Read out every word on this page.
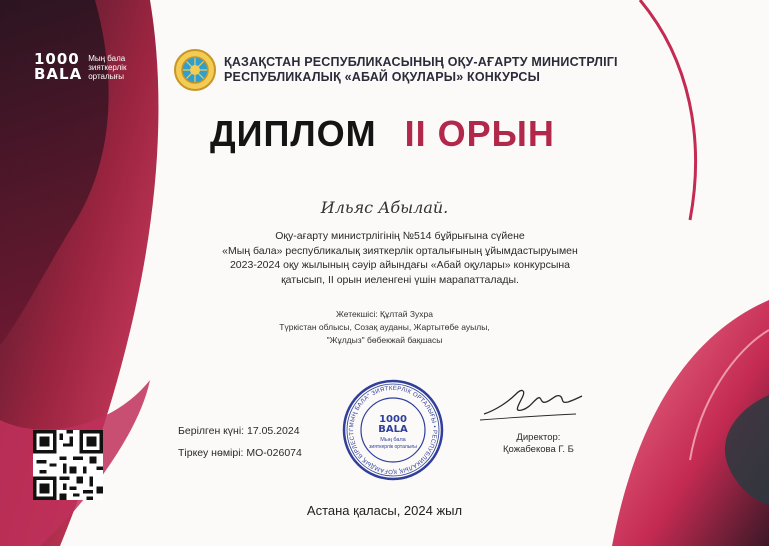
1000
BALA
Мың бала
зияткерлік
орталығы
ҚАЗАҚСТАН РЕСПУБЛИКАСЫНЫҢ ОҚУ-АҒАРТУ МИНИСТРЛІГІ
РЕСПУБЛИКАЛЫҚ «АБАЙ ОҚУЛАРЫ» КОНКУРСЫ
ДИПЛОМ II ОРЫН
Ильяс Абылай.
Оқу-ағарту министрлігінің №514 бұйрығына сүйене
«Мың бала» республикалық зияткерлік орталығының ұйымдастыруымен
2023-2024 оқу жылының сәуір айындағы «Абай оқулары» конкурсына
қатысып, II орын иеленгені үшін марапатталады.
Жетекшісі: Құлтай Зухра
Түркістан облысы, Созақ ауданы, Жартытөбе ауылы,
"Жұлдыз" бөбекжай бақшасы
Берілген күні: 17.05.2024
Тіркеу нөмірі: МО-026074
"МЫҢ БАЛА" ЗИЯТКЕРЛІК ОРТАЛЫҒЫ • РЕСПУБЛИКАЛЫҚ ҚОҒАМДЫҚ БІРЛЕСТІ
1000
BALA
Мың бала
зияткерлік орталығы
Директор:
Қожабекова Г. Б
Астана қаласы, 2024 жыл
